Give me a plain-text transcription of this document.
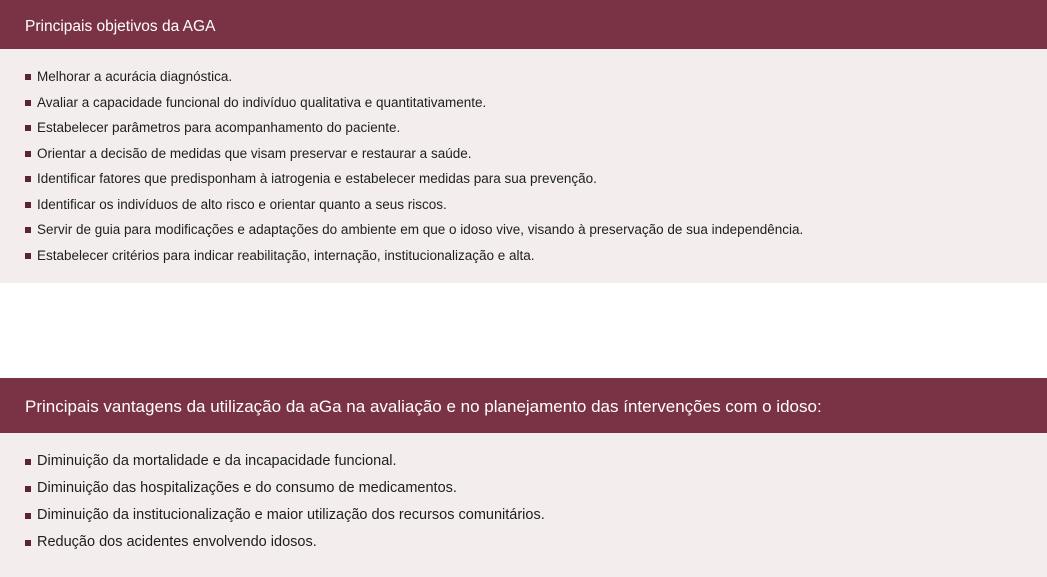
Principais objetivos da AGA
Melhorar a acurácia diagnóstica.
Avaliar a capacidade funcional do indivíduo qualitativa e quantitativamente.
Estabelecer parâmetros para acompanhamento do paciente.
Orientar a decisão de medidas que visam preservar e restaurar a saúde.
Identificar fatores que predisponham à iatrogenia e estabelecer medidas para sua prevenção.
Identificar os indivíduos de alto risco e orientar quanto a seus riscos.
Servir de guia para modificações e adaptações do ambiente em que o idoso vive, visando à preservação de sua independência.
Estabelecer critérios para indicar reabilitação, internação, institucionalização e alta.
Principais vantagens da utilização da aGa na avaliação e no planejamento das íntervenções com o idoso:
Diminuição da mortalidade e da incapacidade funcional.
Diminuição das hospitalizações e do consumo de medicamentos.
Diminuição da institucionalização e maior utilização dos recursos comunitários.
Redução dos acidentes envolvendo idosos.
